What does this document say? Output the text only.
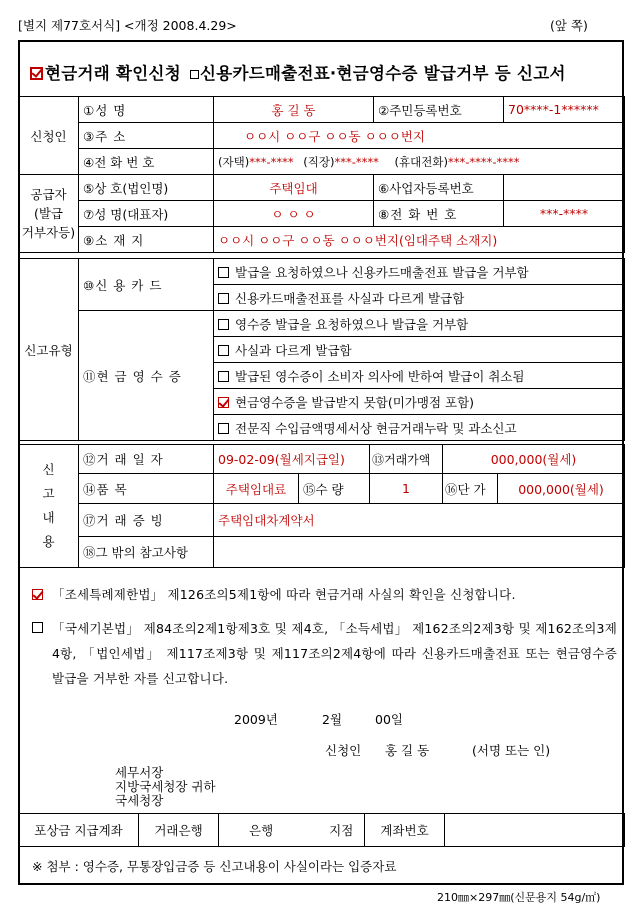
[별지 제77호서식] <개정 2008.4.29>	(앞 쪽)
현금거래 확인신청 신용카드매출전표·현금영수증 발급거부 등 신고서
신청인	①성 명	홍 길 동	②주민등록번호	70****-1******
	③주 소	ㅇㅇ시 ㅇㅇ구 ㅇㅇ동 ㅇㅇㅇ번지		
	④전 화 번 호	(자택)***-**** (직장)***-**** (휴대전화)***-****-****		

공급자
(발급
거부자등)	⑤상 호(법인명)	주택임대	⑥사업자등록번호	
	⑦성 명(대표자)	ㅇ ㅇ ㅇ	⑧전 화 번 호	***-****
	⑨소 재 지	ㅇㅇ시 ㅇㅇ구 ㅇㅇ동 ㅇㅇㅇ번지(임대주택 소재지)		
신고유형	⑩신 용 카 드	발급을 요청하였으나 신용카드매출전표 발급을 거부함
		신용카드매출전표를 사실과 다르게 발급함
	⑪현 금 영 수 증	영수증 발급을 요청하였으나 발급을 거부함
		사실과 다르게 발급함
		발급된 영수증이 소비자 의사에 반하여 발급이 취소됨
		현금영수증을 발급받지 못함(미가맹점 포함)
		전문직 수입금액명세서상 현금거래누락 및 과소신고
신
고
내
용	⑫거 래 일 자	09-02-09(월세지급일)		⑬거래가액	000,000(월세)	
	⑭품 목	주택임대료	⑮수 량	1	⑯단 가	000,000(월세)
	⑰거 래 증 빙	주택임대차계약서				
	⑱그 밖의 참고사항					
「조세특례제한법」 제126조의5제1항에 따라 현금거래 사실의 확인을 신청합니다.
「국세기본법」 제84조의2제1항제3호 및 제4호, 「소득세법」 제162조의2제3항 및 제162조의3제4항, 「법인세법」 제117조제3항 및 제117조의2제4항에 따라 신용카드매출전표 또는 현금영수증 발급을 거부한 자를 신고합니다.
2009년	2월	00일
신청인 홍 길 동	(서명 또는 인)
세무서장
지방국세청장 귀하
국세청장
포상금 지급계좌	거래은행	은행	지점	계좌번호	
※ 첨부 : 영수증, 무통장입금증 등 신고내용이 사실이라는 입증자료
210㎜×297㎜(신문용지 54g/㎡)
